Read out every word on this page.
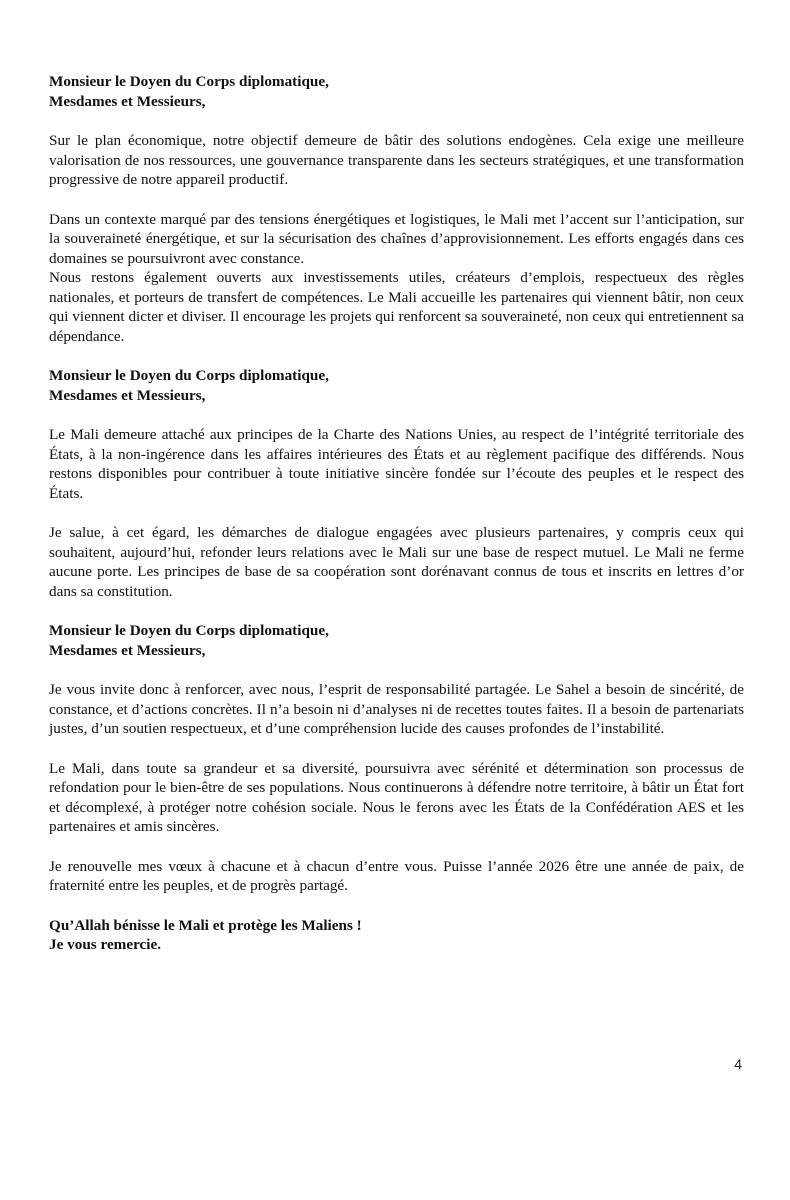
Monsieur le Doyen du Corps diplomatique,
Mesdames et Messieurs,

Sur le plan économique, notre objectif demeure de bâtir des solutions endogènes. Cela exige une meilleure valorisation de nos ressources, une gouvernance transparente dans les secteurs stratégiques, et une transformation progressive de notre appareil productif.

Dans un contexte marqué par des tensions énergétiques et logistiques, le Mali met l’accent sur l’anticipation, sur la souveraineté énergétique, et sur la sécurisation des chaînes d’approvisionnement. Les efforts engagés dans ces domaines se poursuivront avec constance.

Nous restons également ouverts aux investissements utiles, créateurs d’emplois, respectueux des règles nationales, et porteurs de transfert de compétences. Le Mali accueille les partenaires qui viennent bâtir, non ceux qui viennent dicter et diviser. Il encourage les projets qui renforcent sa souveraineté, non ceux qui entretiennent sa dépendance.

Monsieur le Doyen du Corps diplomatique,
Mesdames et Messieurs,

Le Mali demeure attaché aux principes de la Charte des Nations Unies, au respect de l’intégrité territoriale des États, à la non-ingérence dans les affaires intérieures des États et au règlement pacifique des différends. Nous restons disponibles pour contribuer à toute initiative sincère fondée sur l’écoute des peuples et le respect des États.

Je salue, à cet égard, les démarches de dialogue engagées avec plusieurs partenaires, y compris ceux qui souhaitent, aujourd’hui, refonder leurs relations avec le Mali sur une base de respect mutuel. Le Mali ne ferme aucune porte. Les principes de base de sa coopération sont dorénavant connus de tous et inscrits en lettres d’or dans sa constitution.

Monsieur le Doyen du Corps diplomatique,
Mesdames et Messieurs,

Je vous invite donc à renforcer, avec nous, l’esprit de responsabilité partagée. Le Sahel a besoin de sincérité, de constance, et d’actions concrètes. Il n’a besoin ni d’analyses ni de recettes toutes faites. Il a besoin de partenariats justes, d’un soutien respectueux, et d’une compréhension lucide des causes profondes de l’instabilité.

Le Mali, dans toute sa grandeur et sa diversité, poursuivra avec sérénité et détermination son processus de refondation pour le bien-être de ses populations. Nous continuerons à défendre notre territoire, à bâtir un État fort et décomplexé, à protéger notre cohésion sociale. Nous le ferons avec les États de la Confédération AES et les partenaires et amis sincères.

Je renouvelle mes vœux à chacune et à chacun d’entre vous. Puisse l’année 2026 être une année de paix, de fraternité entre les peuples, et de progrès partagé.

Qu’Allah bénisse le Mali et protège les Maliens !
Je vous remercie.
4
